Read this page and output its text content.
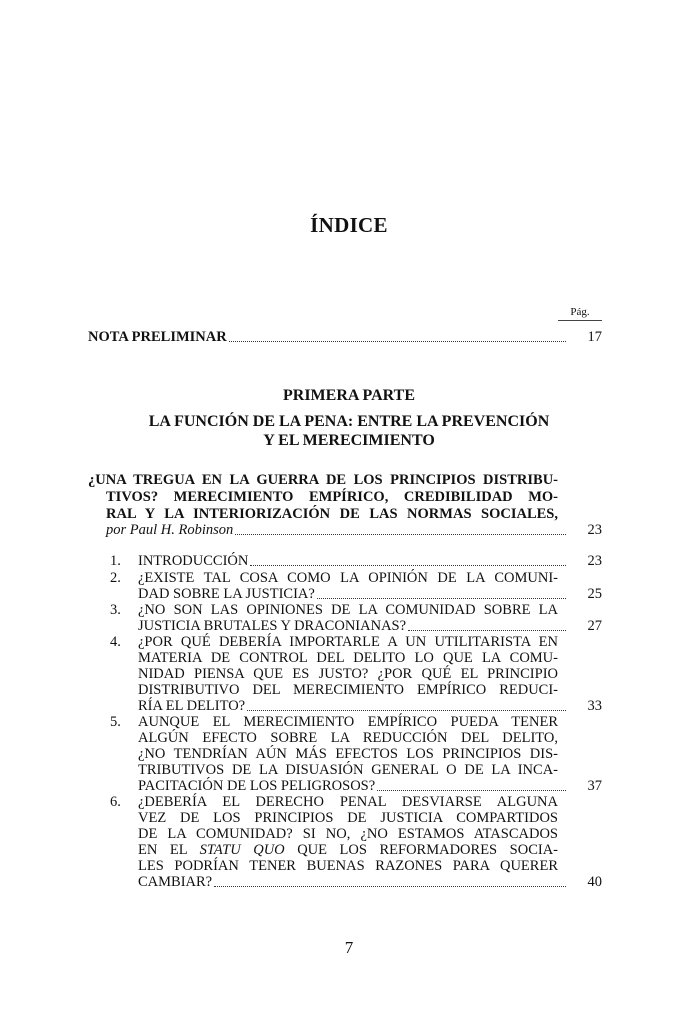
ÍNDICE
Pág.
NOTA PRELIMINAR	17
PRIMERA PARTE
LA FUNCIÓN DE LA PENA: ENTRE LA PREVENCIÓN
Y EL MERECIMIENTO
¿UNA TREGUA EN LA GUERRA DE LOS PRINCIPIOS DISTRIBU-
TIVOS? MERECIMIENTO EMPÍRICO, CREDIBILIDAD MO-
RAL Y LA INTERIORIZACIÓN DE LAS NORMAS SOCIALES,
por Paul H. Robinson	23
1. INTRODUCCIÓN	23
2. ¿EXISTE TAL COSA COMO LA OPINIÓN DE LA COMUNI-
DAD SOBRE LA JUSTICIA?	25
3. ¿NO SON LAS OPINIONES DE LA COMUNIDAD SOBRE LA
JUSTICIA BRUTALES Y DRACONIANAS?	27
4. ¿POR QUÉ DEBERÍA IMPORTARLE A UN UTILITARISTA EN
MATERIA DE CONTROL DEL DELITO LO QUE LA COMU-
NIDAD PIENSA QUE ES JUSTO? ¿POR QUÉ EL PRINCIPIO
DISTRIBUTIVO DEL MERECIMIENTO EMPÍRICO REDUCI-
RÍA EL DELITO?	33
5. AUNQUE EL MERECIMIENTO EMPÍRICO PUEDA TENER
ALGÚN EFECTO SOBRE LA REDUCCIÓN DEL DELITO,
¿NO TENDRÍAN AÚN MÁS EFECTOS LOS PRINCIPIOS DIS-
TRIBUTIVOS DE LA DISUASIÓN GENERAL O DE LA INCA-
PACITACIÓN DE LOS PELIGROSOS?	37
6. ¿DEBERÍA EL DERECHO PENAL DESVIARSE ALGUNA
VEZ DE LOS PRINCIPIOS DE JUSTICIA COMPARTIDOS
DE LA COMUNIDAD? SI NO, ¿NO ESTAMOS ATASCADOS
EN EL STATU QUO QUE LOS REFORMADORES SOCIA-
LES PODRÍAN TENER BUENAS RAZONES PARA QUERER
CAMBIAR?	40
7
